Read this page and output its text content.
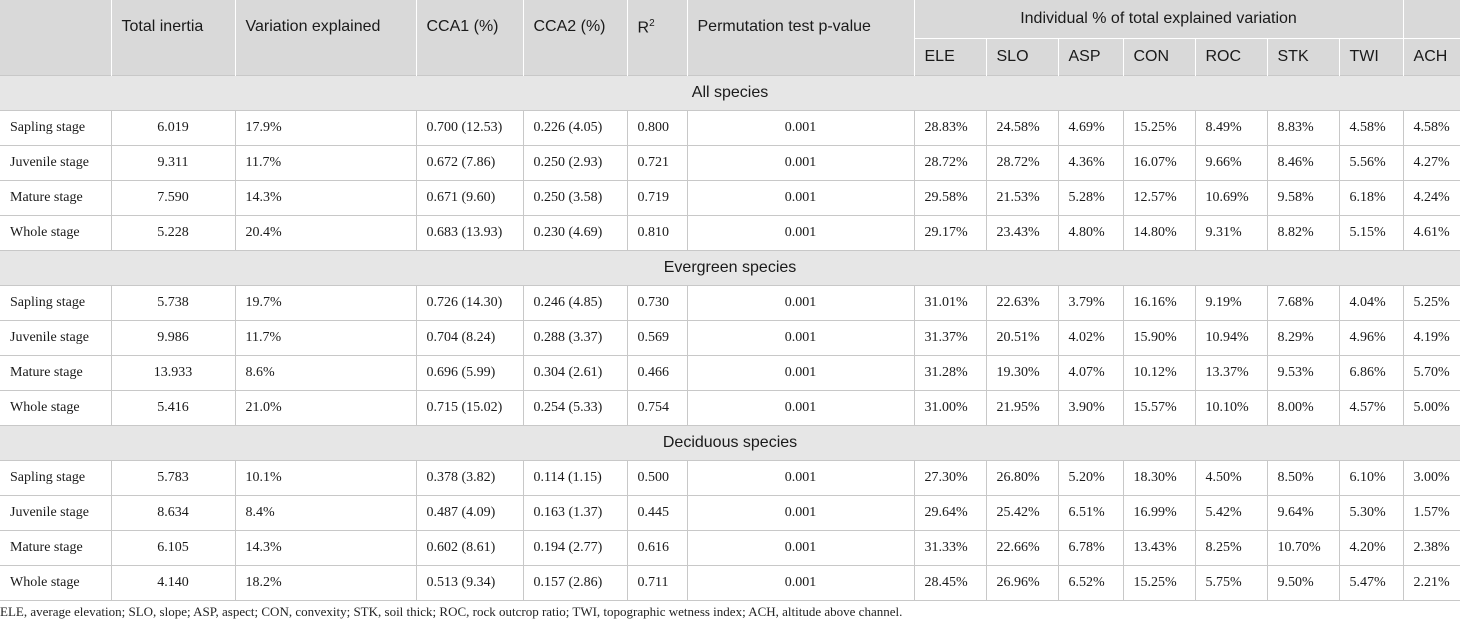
	Total inertia	Variation explained	CCA1 (%)	CCA2 (%)	$R^2$	Permutation test p-value	Individual % of total explained variation							
							ELE	SLO	ASP	CON	ROC	STK	TWI	ACH
All species														
Sapling stage	6.019	17.9%	0.700 (12.53)	0.226 (4.05)	0.800	0.001	28.83%	24.58%	4.69%	15.25%	8.49%	8.83%	4.58%	4.58%
Juvenile stage	9.311	11.7%	0.672 (7.86)	0.250 (2.93)	0.721	0.001	28.72%	28.72%	4.36%	16.07%	9.66%	8.46%	5.56%	4.27%
Mature stage	7.590	14.3%	0.671 (9.60)	0.250 (3.58)	0.719	0.001	29.58%	21.53%	5.28%	12.57%	10.69%	9.58%	6.18%	4.24%
Whole stage	5.228	20.4%	0.683 (13.93)	0.230 (4.69)	0.810	0.001	29.17%	23.43%	4.80%	14.80%	9.31%	8.82%	5.15%	4.61%
Evergreen species														
Sapling stage	5.738	19.7%	0.726 (14.30)	0.246 (4.85)	0.730	0.001	31.01%	22.63%	3.79%	16.16%	9.19%	7.68%	4.04%	5.25%
Juvenile stage	9.986	11.7%	0.704 (8.24)	0.288 (3.37)	0.569	0.001	31.37%	20.51%	4.02%	15.90%	10.94%	8.29%	4.96%	4.19%
Mature stage	13.933	8.6%	0.696 (5.99)	0.304 (2.61)	0.466	0.001	31.28%	19.30%	4.07%	10.12%	13.37%	9.53%	6.86%	5.70%
Whole stage	5.416	21.0%	0.715 (15.02)	0.254 (5.33)	0.754	0.001	31.00%	21.95%	3.90%	15.57%	10.10%	8.00%	4.57%	5.00%
Deciduous species														
Sapling stage	5.783	10.1%	0.378 (3.82)	0.114 (1.15)	0.500	0.001	27.30%	26.80%	5.20%	18.30%	4.50%	8.50%	6.10%	3.00%
Juvenile stage	8.634	8.4%	0.487 (4.09)	0.163 (1.37)	0.445	0.001	29.64%	25.42%	6.51%	16.99%	5.42%	9.64%	5.30%	1.57%
Mature stage	6.105	14.3%	0.602 (8.61)	0.194 (2.77)	0.616	0.001	31.33%	22.66%	6.78%	13.43%	8.25%	10.70%	4.20%	2.38%
Whole stage	4.140	18.2%	0.513 (9.34)	0.157 (2.86)	0.711	0.001	28.45%	26.96%	6.52%	15.25%	5.75%	9.50%	5.47%	2.21%
ELE, average elevation; SLO, slope; ASP, aspect; CON, convexity; STK, soil thick; ROC, rock outcrop ratio; TWI, topographic wetness index; ACH, altitude above channel.
